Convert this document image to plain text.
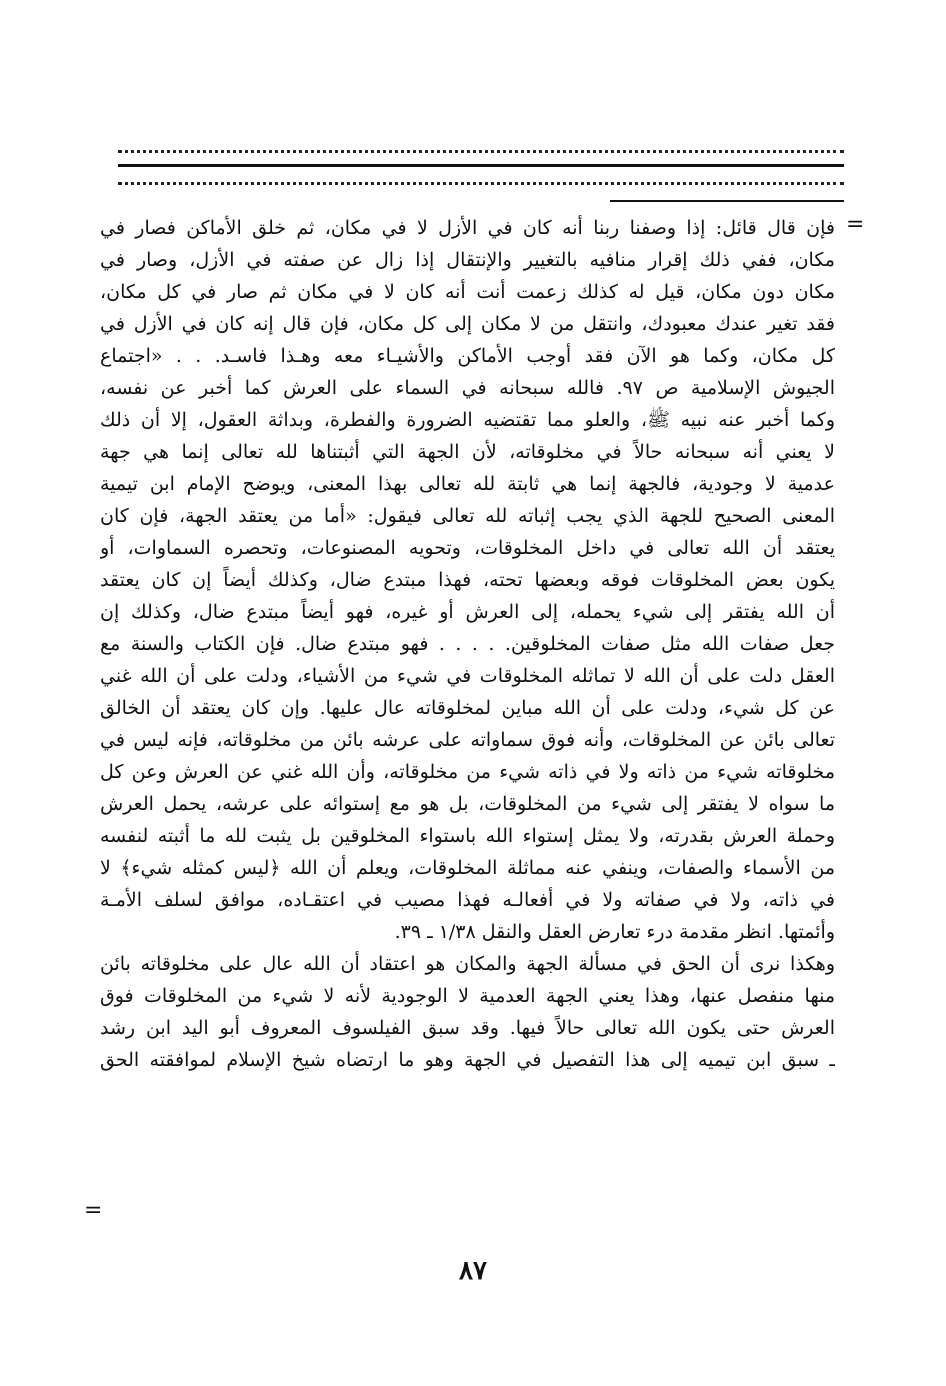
=
فإن قال قائل: إذا وصفنا ربنا أنه كان في الأزل لا في مكان، ثم خلق الأماكن فصار في
مكان، ففي ذلك إقرار منافيه بالتغيير والإنتقال إذا زال عن صفته في الأزل، وصار في
مكان دون مكان، قيل له كذلك زعمت أنت أنه كان لا في مكان ثم صار في كل مكان،
فقد تغير عندك معبودك، وانتقل من لا مكان إلى كل مكان، فإن قال إنه كان في الأزل في
كل مكان، وكما هو الآن فقد أوجب الأماكن والأشيـاء معه وهـذا فاسـد. . . «اجتماع
الجيوش الإسلامية ص ٩٧. فالله سبحانه في السماء على العرش كما أخبر عن نفسه،
وكما أخبر عنه نبيه ﷺ، والعلو مما تقتضيه الضرورة والفطرة، وبداثة العقول، إلا أن ذلك
لا يعني أنه سبحانه حالاً في مخلوقاته، لأن الجهة التي أثبتناها لله تعالى إنما هي جهة
عدمية لا وجودية، فالجهة إنما هي ثابتة لله تعالى بهذا المعنى، ويوضح الإمام ابن تيمية
المعنى الصحيح للجهة الذي يجب إثباته لله تعالى فيقول: «أما من يعتقد الجهة، فإن كان
يعتقد أن الله تعالى في داخل المخلوقات، وتحويه المصنوعات، وتحصره السماوات، أو
يكون بعض المخلوقات فوقه وبعضها تحته، فهذا مبتدع ضال، وكذلك أيضاً إن كان يعتقد
أن الله يفتقر إلى شيء يحمله، إلى العرش أو غيره، فهو أيضاً مبتدع ضال، وكذلك إن
جعل صفات الله مثل صفات المخلوقين. . . . . فهو مبتدع ضال. فإن الكتاب والسنة مع
العقل دلت على أن الله لا تماثله المخلوقات في شيء من الأشياء، ودلت على أن الله غني
عن كل شيء، ودلت على أن الله مباين لمخلوقاته عال عليها. وإن كان يعتقد أن الخالق
تعالى بائن عن المخلوقات، وأنه فوق سماواته على عرشه بائن من مخلوقاته، فإنه ليس في
مخلوقاته شيء من ذاته ولا في ذاته شيء من مخلوقاته، وأن الله غني عن العرش وعن كل
ما سواه لا يفتقر إلى شيء من المخلوقات، بل هو مع إستوائه على عرشه، يحمل العرش
وحملة العرش بقدرته، ولا يمثل إستواء الله باستواء المخلوقين بل يثبت لله ما أثبته لنفسه
من الأسماء والصفات، وينفي عنه مماثلة المخلوقات، ويعلم أن الله ﴿ليس كمثله شيء﴾ لا
في ذاته، ولا في صفاته ولا في أفعالـه فهذا مصيب في اعتقـاده، موافق لسلف الأمـة
وأئمتها. انظر مقدمة درء تعارض العقل والنقل ١/٣٨ ـ ٣٩.
وهكذا نرى أن الحق في مسألة الجهة والمكان هو اعتقاد أن الله عال على مخلوقاته بائن
منها منفصل عنها، وهذا يعني الجهة العدمية لا الوجودية لأنه لا شيء من المخلوقات فوق
العرش حتى يكون الله تعالى حالاً فيها. وقد سبق الفيلسوف المعروف أبو اليد ابن رشد
ـ سبق ابن تيميه إلى هذا التفصيل في الجهة وهو ما ارتضاه شيخ الإسلام لموافقته الحق
=
٨٧
